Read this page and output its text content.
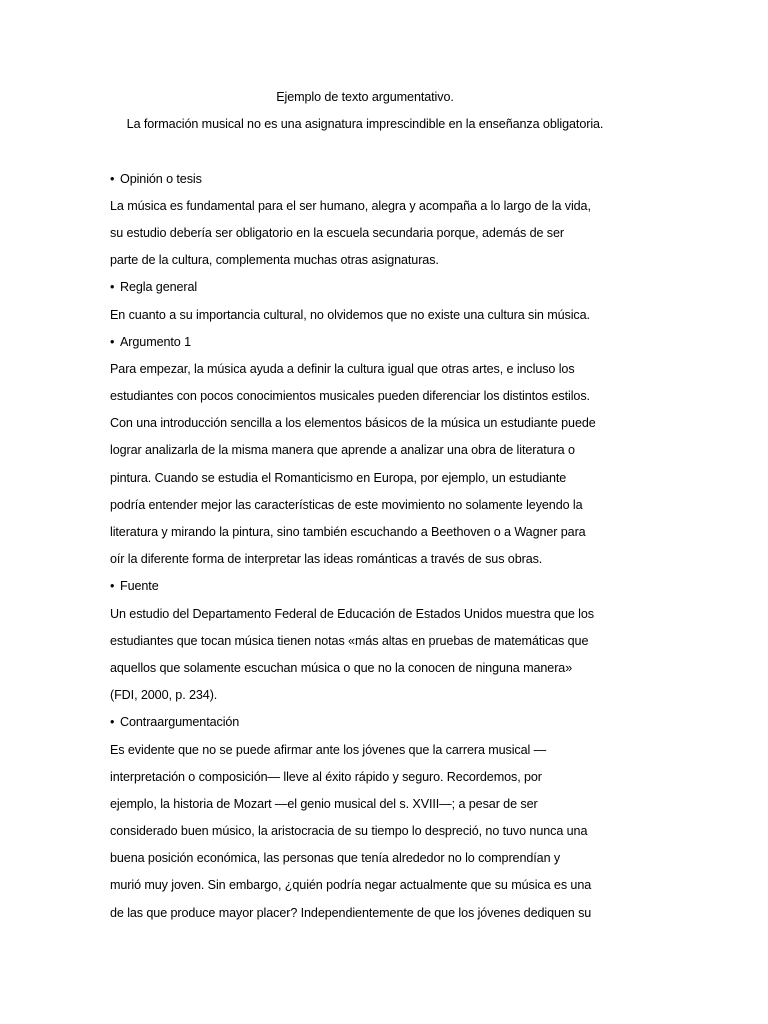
Ejemplo de texto argumentativo.
La formación musical no es una asignatura imprescindible en la enseñanza obligatoria.
• Opinión o tesis
La música es fundamental para el ser humano, alegra y acompaña a lo largo de la vida,
su estudio debería ser obligatorio en la escuela secundaria porque, además de ser
parte de la cultura, complementa muchas otras asignaturas.
• Regla general
En cuanto a su importancia cultural, no olvidemos que no existe una cultura sin música.
• Argumento 1
Para empezar, la música ayuda a definir la cultura igual que otras artes, e incluso los
estudiantes con pocos conocimientos musicales pueden diferenciar los distintos estilos.
Con una introducción sencilla a los elementos básicos de la música un estudiante puede
lograr analizarla de la misma manera que aprende a analizar una obra de literatura o
pintura. Cuando se estudia el Romanticismo en Europa, por ejemplo, un estudiante
podría entender mejor las características de este movimiento no solamente leyendo la
literatura y mirando la pintura, sino también escuchando a Beethoven o a Wagner para
oír la diferente forma de interpretar las ideas románticas a través de sus obras.
• Fuente
Un estudio del Departamento Federal de Educación de Estados Unidos muestra que los
estudiantes que tocan música tienen notas «más altas en pruebas de matemáticas que
aquellos que solamente escuchan música o que no la conocen de ninguna manera»
(FDI, 2000, p. 234).
• Contraargumentación
Es evidente que no se puede afirmar ante los jóvenes que la carrera musical —
interpretación o composición— lleve al éxito rápido y seguro. Recordemos, por
ejemplo, la historia de Mozart —el genio musical del s. XVIII—; a pesar de ser
considerado buen músico, la aristocracia de su tiempo lo despreció, no tuvo nunca una
buena posición económica, las personas que tenía alrededor no lo comprendían y
murió muy joven. Sin embargo, ¿quién podría negar actualmente que su música es una
de las que produce mayor placer? Independientemente de que los jóvenes dediquen su
